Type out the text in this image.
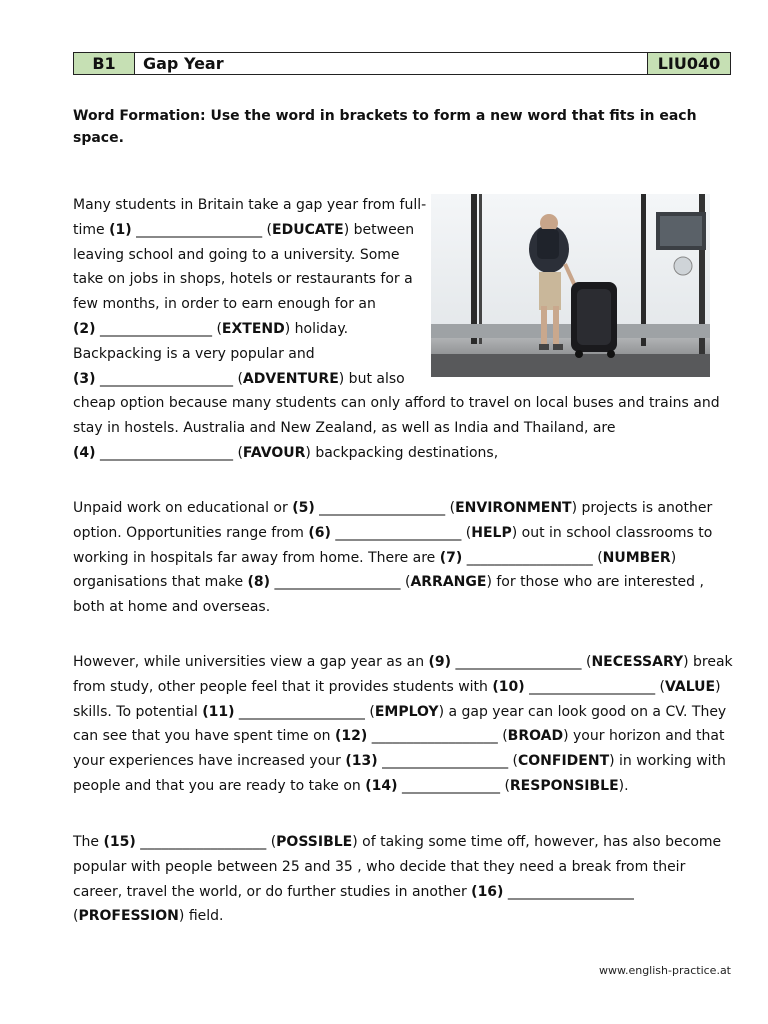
B1	Gap Year	LIU040

Word Formation: Use the word in brackets to form a new word that fits in each space.

Many students in Britain take a gap year from full-
time (1) __________________ (EDUCATE) between
leaving school and going to a university. Some
take on jobs in shops, hotels or restaurants for a
few months, in order to earn enough for an
(2) ________________ (EXTEND) holiday.
Backpacking is a very popular and
(3) ___________________ (ADVENTURE) but also

cheap option because many students can only afford to travel on local buses and trains and
stay in hostels. Australia and New Zealand, as well as India and Thailand, are
(4) ___________________ (FAVOUR) backpacking destinations,

Unpaid work on educational or (5) __________________ (ENVIRONMENT) projects is another option. Opportunities range from (6) __________________ (HELP) out in school classrooms to working in hospitals far away from home. There are (7) __________________ (NUMBER) organisations that make (8) __________________ (ARRANGE) for those who are interested , both at home and overseas.

However, while universities view a gap year as an (9) __________________ (NECESSARY) break from study, other people feel that it provides students with (10) __________________ (VALUE) skills. To potential (11) __________________ (EMPLOY) a gap year can look good on a CV. They can see that you have spent time on (12) __________________ (BROAD) your horizon and that your experiences have increased your (13) __________________ (CONFIDENT) in working with people and that you are ready to take on (14) ______________ (RESPONSIBLE).

The (15) __________________ (POSSIBLE) of taking some time off, however, has also become popular with people between 25 and 35 , who decide that they need a break from their career, travel the world, or do further studies in another (16) __________________ (PROFESSION) field.

www.english-practice.at
